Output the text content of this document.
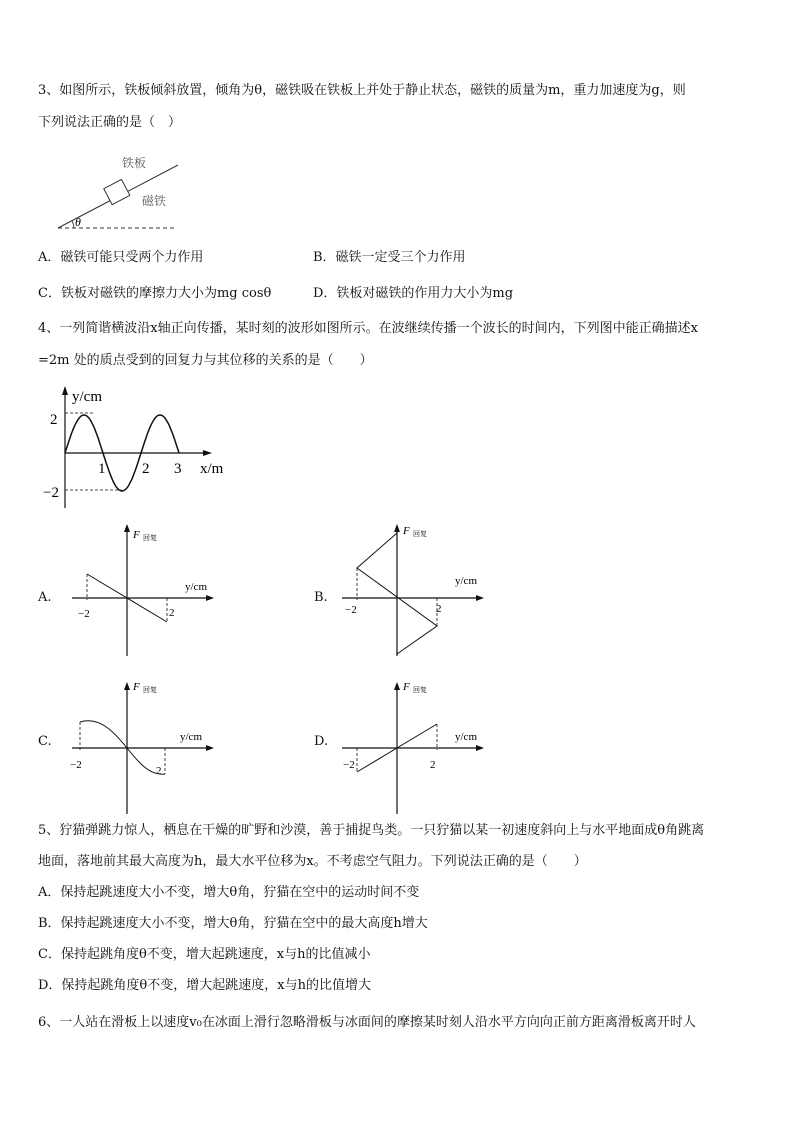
3、如图所示，铁板倾斜放置，倾角为θ，磁铁吸在铁板上并处于静止状态，磁铁的质量为m，重力加速度为g，则
下列说法正确的是（　）
θ
铁板
磁铁
A．磁铁可能只受两个力作用	B．磁铁一定受三个力作用
C．铁板对磁铁的摩擦力大小为mg cosθ	D．铁板对磁铁的作用力大小为mg
4、一列简谐横波沿x轴正向传播，某时刻的波形如图所示。在波继续传播一个波长的时间内，下列图中能正确描述x
=2m 处的质点受到的回复力与其位移的关系的是（　　）
y/cm
x/m
2
−2
1 2 3
A.
F 回复
y/cm
−2	2
B.
F 回复
y/cm
−2	2
C.
F 回复
y/cm
−2	2
D.
F 回复
y/cm
−2	2
5、狞猫弹跳力惊人，栖息在干燥的旷野和沙漠，善于捕捉鸟类。一只狞猫以某一初速度斜向上与水平地面成θ角跳离
地面，落地前其最大高度为h，最大水平位移为x。不考虑空气阻力。下列说法正确的是（　　）
A．保持起跳速度大小不变，增大θ角，狞猫在空中的运动时间不变
B．保持起跳速度大小不变，增大θ角，狞猫在空中的最大高度h增大
C．保持起跳角度θ不变，增大起跳速度，x与h的比值减小
D．保持起跳角度θ不变，增大起跳速度，x与h的比值增大
6、一人站在滑板上以速度v₀在冰面上滑行忽略滑板与冰面间的摩擦某时刻人沿水平方向向正前方距离滑板离开时人
